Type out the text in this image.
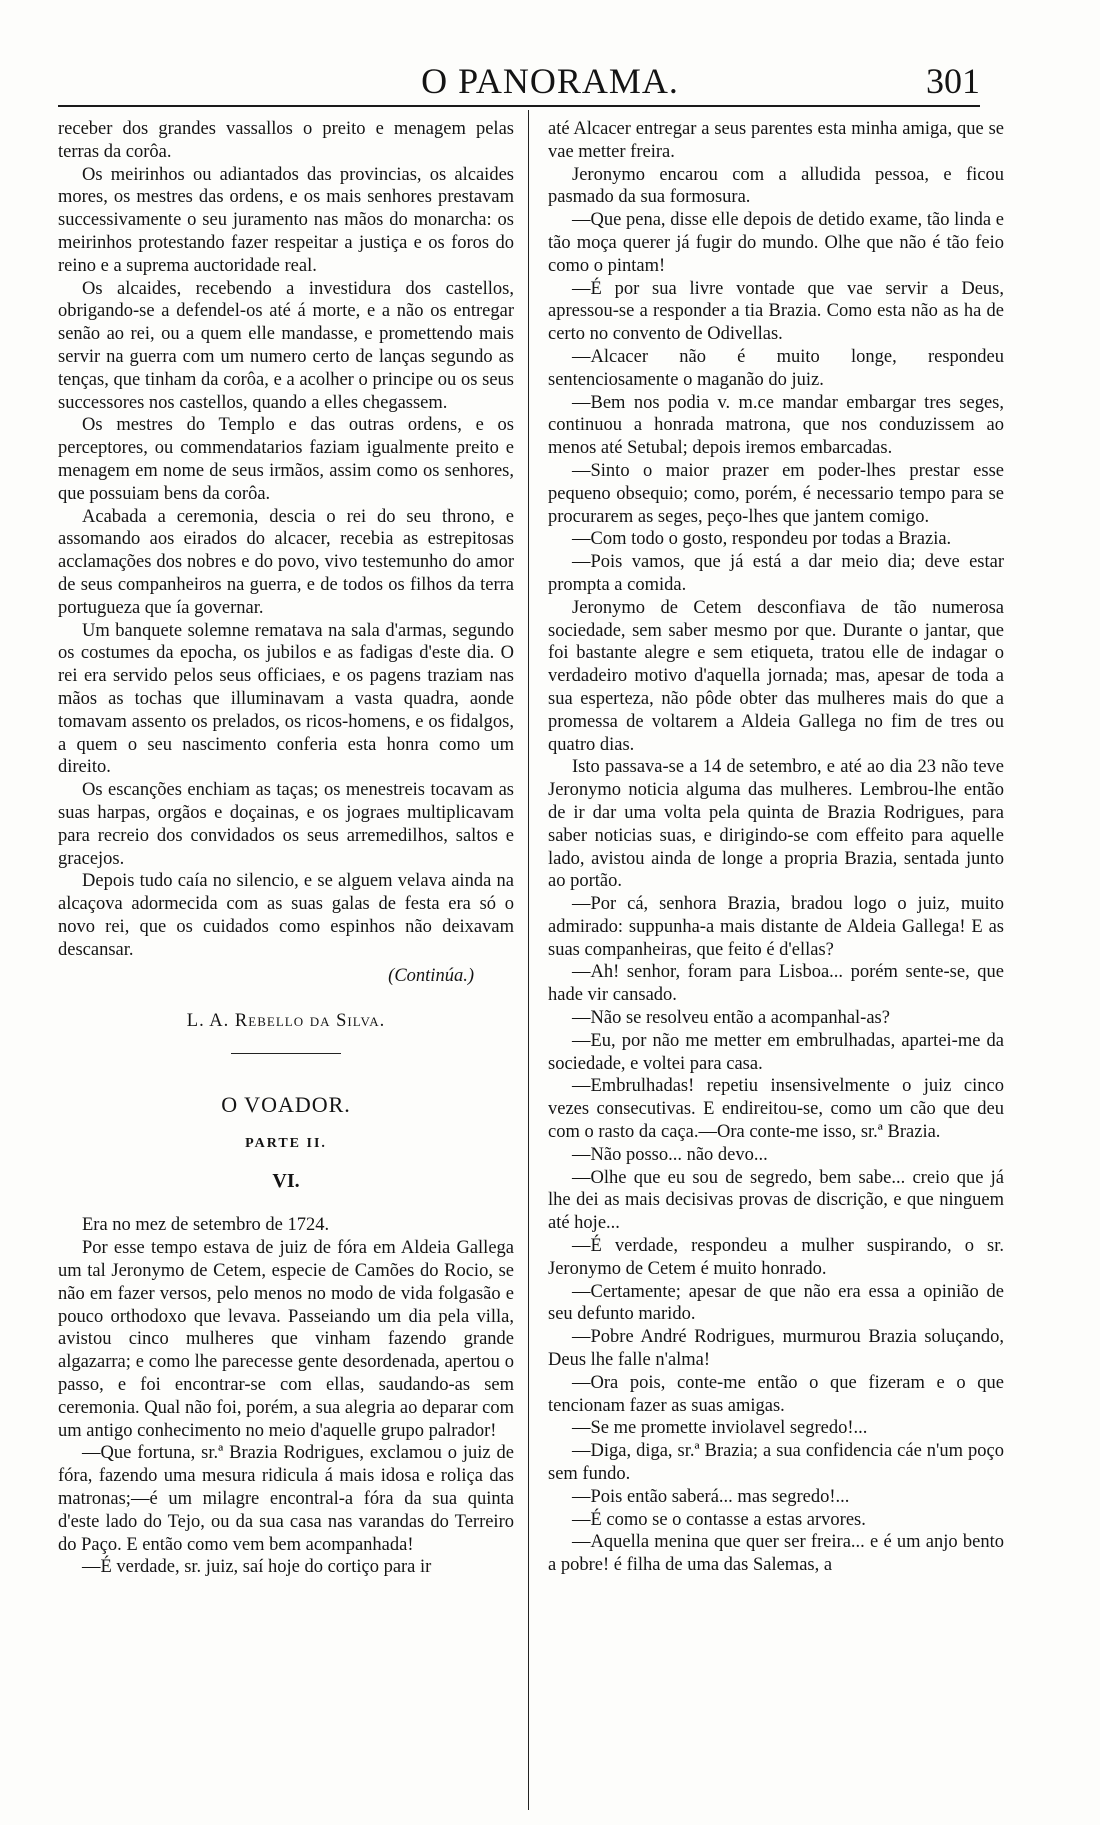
O PANORAMA.	301

receber dos grandes vassallos o preito e menagem pelas terras da corôa.

Os meirinhos ou adiantados das provincias, os alcaides mores, os mestres das ordens, e os mais senhores prestavam successivamente o seu juramento nas mãos do monarcha: os meirinhos protestando fazer respeitar a justiça e os foros do reino e a suprema auctoridade real.

Os alcaides, recebendo a investidura dos castellos, obrigando-se a defendel-os até á morte, e a não os entregar senão ao rei, ou a quem elle mandasse, e promettendo mais servir na guerra com um numero certo de lanças segundo as tenças, que tinham da corôa, e a acolher o principe ou os seus successores nos castellos, quando a elles chegassem.

Os mestres do Templo e das outras ordens, e os perceptores, ou commendatarios faziam igualmente preito e menagem em nome de seus irmãos, assim como os senhores, que possuiam bens da corôa.

Acabada a ceremonia, descia o rei do seu throno, e assomando aos eirados do alcacer, recebia as estrepitosas acclamações dos nobres e do povo, vivo testemunho do amor de seus companheiros na guerra, e de todos os filhos da terra portugueza que ía governar.

Um banquete solemne rematava na sala d'armas, segundo os costumes da epocha, os jubilos e as fadigas d'este dia. O rei era servido pelos seus officiaes, e os pagens traziam nas mãos as tochas que illuminavam a vasta quadra, aonde tomavam assento os prelados, os ricos-homens, e os fidalgos, a quem o seu nascimento conferia esta honra como um direito.

Os escanções enchiam as taças; os menestreis tocavam as suas harpas, orgãos e doçainas, e os jograes multiplicavam para recreio dos convidados os seus arremedilhos, saltos e gracejos.

Depois tudo caía no silencio, e se alguem velava ainda na alcaçova adormecida com as suas galas de festa era só o novo rei, que os cuidados como espinhos não deixavam descansar.

(Continúa.)
L. A. Rebello da Silva.
O VOADOR.
PARTE II.
VI.

Era no mez de setembro de 1724.

Por esse tempo estava de juiz de fóra em Aldeia Gallega um tal Jeronymo de Cetem, especie de Camões do Rocio, se não em fazer versos, pelo menos no modo de vida folgasão e pouco orthodoxo que levava. Passeiando um dia pela villa, avistou cinco mulheres que vinham fazendo grande algazarra; e como lhe parecesse gente desordenada, apertou o passo, e foi encontrar-se com ellas, saudando-as sem ceremonia. Qual não foi, porém, a sua alegria ao deparar com um antigo conhecimento no meio d'aquelle grupo palrador!

—Que fortuna, sr.ª Brazia Rodrigues, exclamou o juiz de fóra, fazendo uma mesura ridicula á mais idosa e roliça das matronas;—é um milagre encontral-a fóra da sua quinta d'este lado do Tejo, ou da sua casa nas varandas do Terreiro do Paço. E então como vem bem acompanhada!

—É verdade, sr. juiz, saí hoje do cortiço para ir

até Alcacer entregar a seus parentes esta minha amiga, que se vae metter freira.

Jeronymo encarou com a alludida pessoa, e ficou pasmado da sua formosura.

—Que pena, disse elle depois de detido exame, tão linda e tão moça querer já fugir do mundo. Olhe que não é tão feio como o pintam!

—É por sua livre vontade que vae servir a Deus, apressou-se a responder a tia Brazia. Como esta não as ha de certo no convento de Odivellas.

—Alcacer não é muito longe, respondeu sentenciosamente o maganão do juiz.

—Bem nos podia v. m.ce mandar embargar tres seges, continuou a honrada matrona, que nos conduzissem ao menos até Setubal; depois iremos embarcadas.

—Sinto o maior prazer em poder-lhes prestar esse pequeno obsequio; como, porém, é necessario tempo para se procurarem as seges, peço-lhes que jantem comigo.

—Com todo o gosto, respondeu por todas a Brazia.

—Pois vamos, que já está a dar meio dia; deve estar prompta a comida.

Jeronymo de Cetem desconfiava de tão numerosa sociedade, sem saber mesmo por que. Durante o jantar, que foi bastante alegre e sem etiqueta, tratou elle de indagar o verdadeiro motivo d'aquella jornada; mas, apesar de toda a sua esperteza, não pôde obter das mulheres mais do que a promessa de voltarem a Aldeia Gallega no fim de tres ou quatro dias.

Isto passava-se a 14 de setembro, e até ao dia 23 não teve Jeronymo noticia alguma das mulheres. Lembrou-lhe então de ir dar uma volta pela quinta de Brazia Rodrigues, para saber noticias suas, e dirigindo-se com effeito para aquelle lado, avistou ainda de longe a propria Brazia, sentada junto ao portão.

—Por cá, senhora Brazia, bradou logo o juiz, muito admirado: suppunha-a mais distante de Aldeia Gallega! E as suas companheiras, que feito é d'ellas?

—Ah! senhor, foram para Lisboa... porém sente-se, que hade vir cansado.

—Não se resolveu então a acompanhal-as?

—Eu, por não me metter em embrulhadas, apartei-me da sociedade, e voltei para casa.

—Embrulhadas! repetiu insensivelmente o juiz cinco vezes consecutivas. E endireitou-se, como um cão que deu com o rasto da caça.—Ora conte-me isso, sr.ª Brazia.

—Não posso... não devo...

—Olhe que eu sou de segredo, bem sabe... creio que já lhe dei as mais decisivas provas de discrição, e que ninguem até hoje...

—É verdade, respondeu a mulher suspirando, o sr. Jeronymo de Cetem é muito honrado.

—Certamente; apesar de que não era essa a opinião de seu defunto marido.

—Pobre André Rodrigues, murmurou Brazia soluçando, Deus lhe falle n'alma!

—Ora pois, conte-me então o que fizeram e o que tencionam fazer as suas amigas.

—Se me promette inviolavel segredo!...

—Diga, diga, sr.ª Brazia; a sua confidencia cáe n'um poço sem fundo.

—Pois então saberá... mas segredo!...

—É como se o contasse a estas arvores.

—Aquella menina que quer ser freira... e é um anjo bento a pobre! é filha de uma das Salemas, a
